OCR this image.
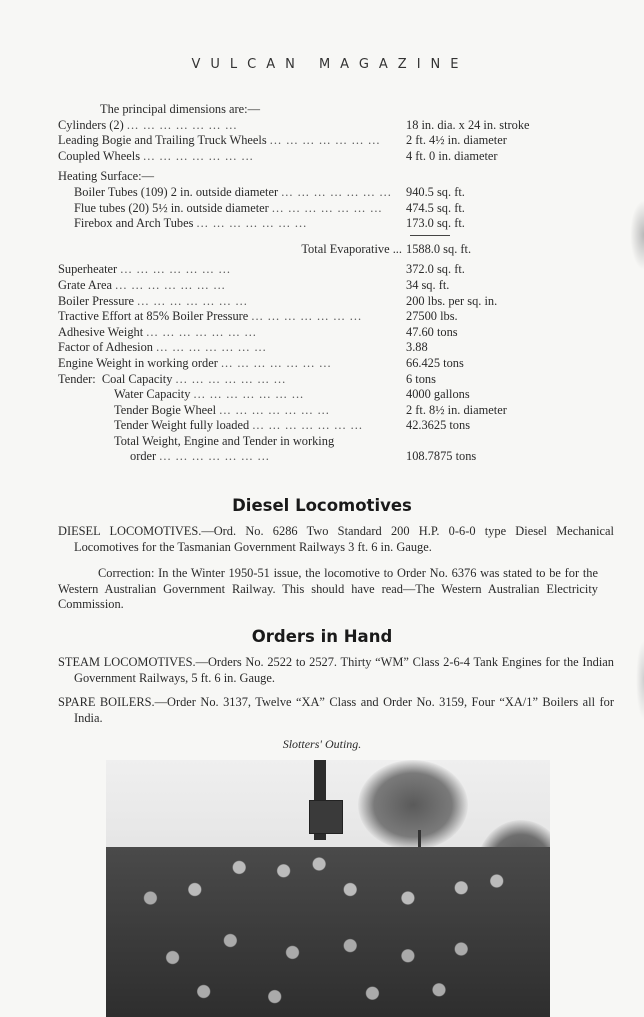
VULCAN MAGAZINE
The principal dimensions are:—
Cylinders (2) ... ... ... ... ... ... ...	18 in. dia. x 24 in. stroke
Leading Bogie and Trailing Truck Wheels ... ... ... ... ... ... ...	2 ft. 4½ in. diameter
Coupled Wheels ... ... ... ... ... ... ...	4 ft. 0 in. diameter
Heating Surface:—
Boiler Tubes (109) 2 in. outside diameter ... ... ... ... ... ... ...	940.5 sq. ft.
Flue tubes (20) 5½ in. outside diameter ... ... ... ... ... ... ...	474.5 sq. ft.
Firebox and Arch Tubes ... ... ... ... ... ... ...	173.0 sq. ft.
Total Evaporative ... 1588.0 sq. ft.
Superheater ... ... ... ... ... ... ...	372.0 sq. ft.
Grate Area ... ... ... ... ... ... ...	34 sq. ft.
Boiler Pressure ... ... ... ... ... ... ...	200 lbs. per sq. in.
Tractive Effort at 85% Boiler Pressure ... ... ... ... ... ... ...	27500 lbs.
Adhesive Weight ... ... ... ... ... ... ...	47.60 tons
Factor of Adhesion ... ... ... ... ... ... ...	3.88
Engine Weight in working order ... ... ... ... ... ... ...	66.425 tons
Tender: Coal Capacity ... ... ... ... ... ... ...	6 tons
Water Capacity ... ... ... ... ... ... ...	4000 gallons
Tender Bogie Wheel ... ... ... ... ... ... ...	2 ft. 8½ in. diameter
Tender Weight fully loaded ... ... ... ... ... ... ...	42.3625 tons
Total Weight, Engine and Tender in working
order ... ... ... ... ... ... ...	108.7875 tons
Diesel Locomotives
DIESEL LOCOMOTIVES.—Ord. No. 6286 Two Standard 200 H.P. 0-6-0 type Diesel Mechanical Locomotives for the Tasmanian Government Railways 3 ft. 6 in. Gauge.
Correction: In the Winter 1950-51 issue, the locomotive to Order No. 6376 was stated to be for the Western Australian Government Railway. This should have read—The Western Australian Electricity Commission.
Orders in Hand
STEAM LOCOMOTIVES.—Orders No. 2522 to 2527. Thirty “WM” Class 2-6-4 Tank Engines for the Indian Government Railways, 5 ft. 6 in. Gauge.
SPARE BOILERS.—Order No. 3137, Twelve “XA” Class and Order No. 3159, Four “XA/1” Boilers all for India.
Slotters' Outing.
